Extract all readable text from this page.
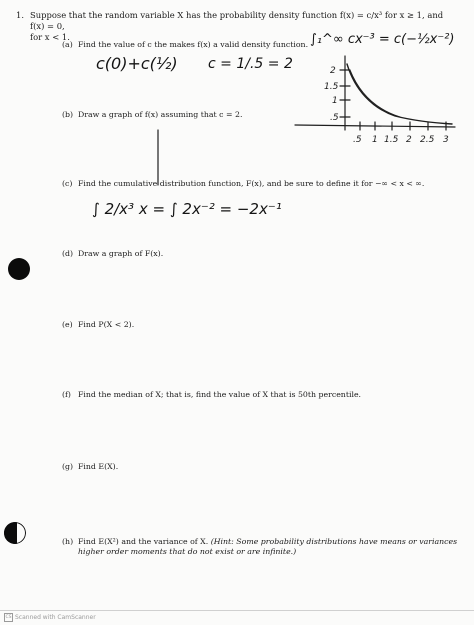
1. Suppose that the random variable X has the probability density function f(x) = c/x³ for x ≥ 1, and f(x) = 0,
for x < 1.
(a) Find the value of c the makes f(x) a valid density function.
(b) Draw a graph of f(x) assuming that c = 2.
(c) Find the cumulative distribution function, F(x), and be sure to define it for −∞ < x < ∞.
(d) Draw a graph of F(x).
(e) Find P(X < 2).
(f) Find the median of X; that is, find the value of X that is 50th percentile.
(g) Find E(X).
(h) Find E(X²) and the variance of X. (Hint: Some probability distributions have means or variances
higher order moments that do not exist or are infinite.)
∫₁^∞ cx⁻³ = c(−½x⁻²)
c(0)+c(½) c = 1/.5 = 2
∫ 2/x³ x = ∫ 2x⁻² = −2x⁻¹
2
1.5
1
.5
.5 1 1.5 2 2.5 3
CS Scanned with CamScanner
